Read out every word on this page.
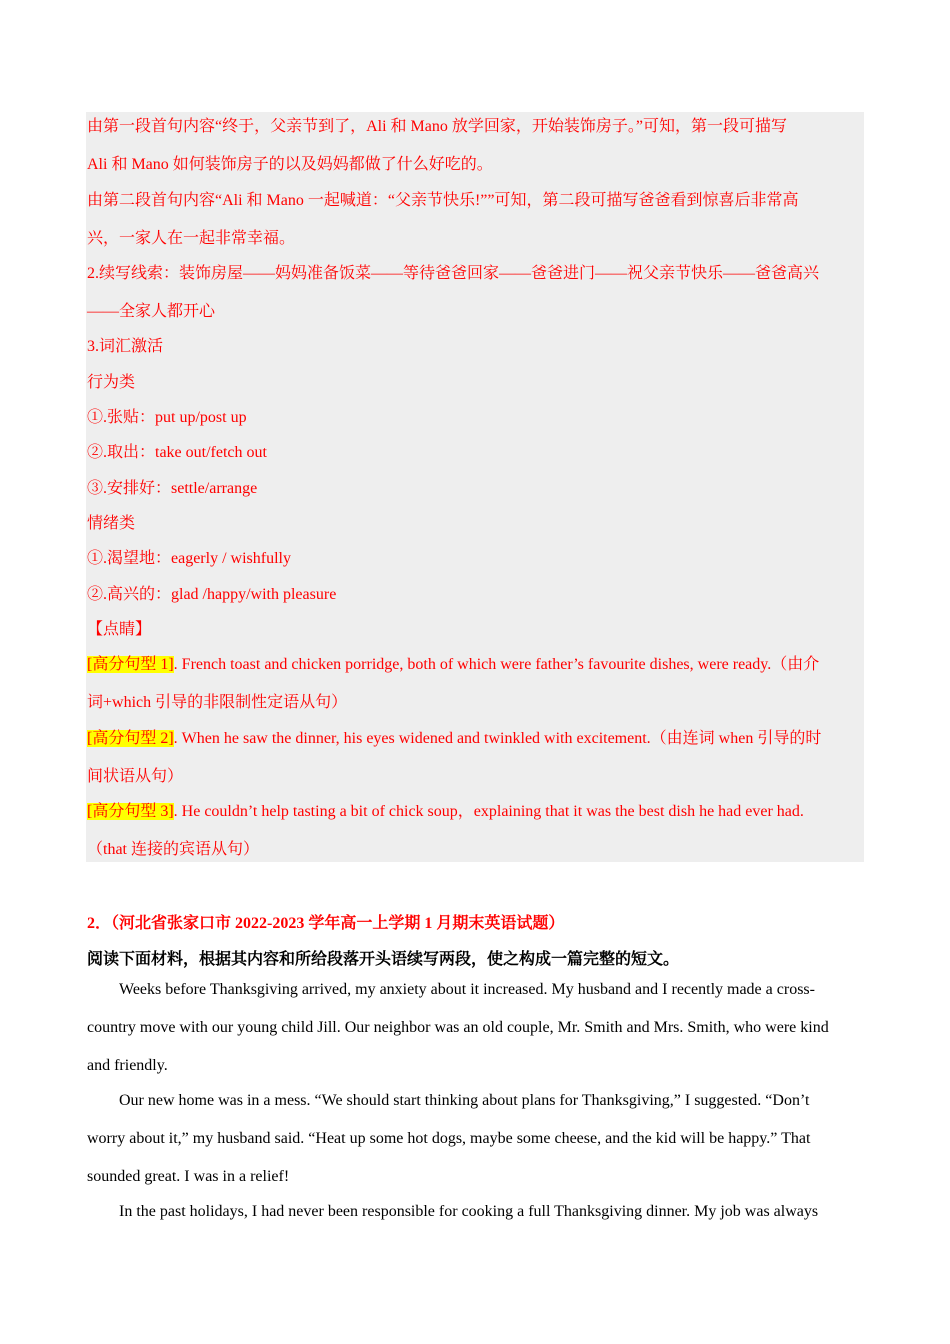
由第一段首句内容“终于，父亲节到了，Ali 和 Mano 放学回家，开始装饰房子。”可知，第一段可描写
Ali 和 Mano 如何装饰房子的以及妈妈都做了什么好吃的。
由第二段首句内容“Ali 和 Mano 一起喊道：“父亲节快乐!””可知，第二段可描写爸爸看到惊喜后非常高
兴，一家人在一起非常幸福。
2.续写线索：装饰房屋——妈妈准备饭菜——等待爸爸回家——爸爸进门——祝父亲节快乐——爸爸高兴
——全家人都开心
3.词汇激活
行为类
①.张贴：put up/post up
②.取出：take out/fetch out
③.安排好：settle/arrange
情绪类
①.渴望地：eagerly / wishfully
②.高兴的：glad /happy/with pleasure
【点睛】
[高分句型 1]. French toast and chicken porridge, both of which were father’s favourite dishes, were ready.（由介
词+which 引导的非限制性定语从句）
[高分句型 2]. When he saw the dinner, his eyes widened and twinkled with excitement.（由连词 when 引导的时
间状语从句）
[高分句型 3]. He couldn’t help tasting a bit of chick soup，explaining that it was the best dish he had ever had.
（that 连接的宾语从句）
2．（河北省张家口市 2022-2023 学年高一上学期 1 月期末英语试题）
阅读下面材料，根据其内容和所给段落开头语续写两段，使之构成一篇完整的短文。
Weeks before Thanksgiving arrived, my anxiety about it increased. My husband and I recently made a cross-
country move with our young child Jill. Our neighbor was an old couple, Mr. Smith and Mrs. Smith, who were kind
and friendly.
Our new home was in a mess. “We should start thinking about plans for Thanksgiving,” I suggested. “Don’t
worry about it,” my husband said. “Heat up some hot dogs, maybe some cheese, and the kid will be happy.” That
sounded great. I was in a relief!
In the past holidays, I had never been responsible for cooking a full Thanksgiving dinner. My job was always
